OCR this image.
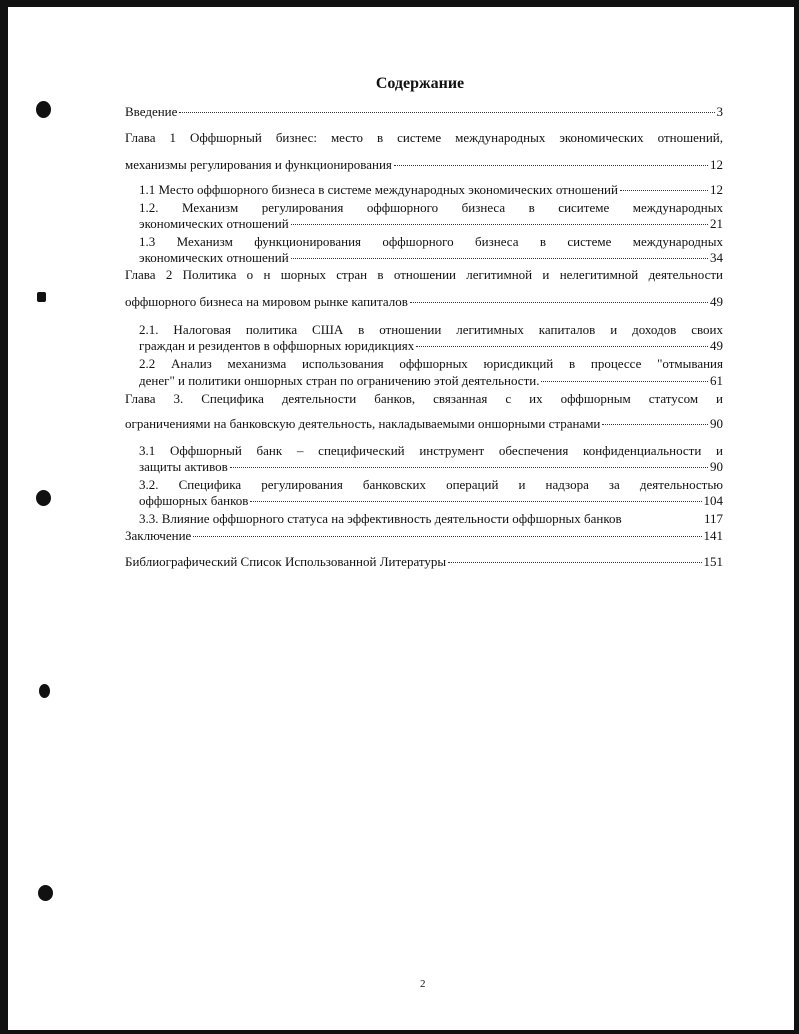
Содержание
Введение	3
Глава 1 Оффшорный бизнес: место в системе международных экономических отношений,
механизмы регулирования и функционирования	12
1.1 Место оффшорного бизнеса в системе международных экономических отношений	12
1.2. Механизм регулирования оффшорного бизнеса в сиситеме международных
экономических отношений	21
1.3 Механизм функционирования оффшорного бизнеса в системе международных
экономических отношений	34
Глава 2 Политика о н шорных стран в отношении легитимной и нелегитимной деятельности
оффшорного бизнеса на мировом рынке капиталов	49
2.1. Налоговая политика США в отношении легитимных капиталов и доходов своих
граждан и резидентов в оффшорных юридикциях	49
2.2 Анализ механизма использования оффшорных юрисдикций в процессе "отмывания
денег" и политики оншорных стран по ограничению этой деятельности.	61
Глава 3. Специфика деятельности банков, связанная с их оффшорным статусом и
ограничениями на банковскую деятельность, накладываемыми оншорными странами	90
3.1 Оффшорный банк – специфический инструмент обеспечения конфиденциальности и
защиты активов	90
3.2. Специфика регулирования банковских операций и надзора за деятельностью
оффшорных банков	104
3.3. Влияние оффшорного статуса на эффективность деятельности оффшорных банков	117
Заключение	141
Библиографический Список Использованной Литературы	151
2
